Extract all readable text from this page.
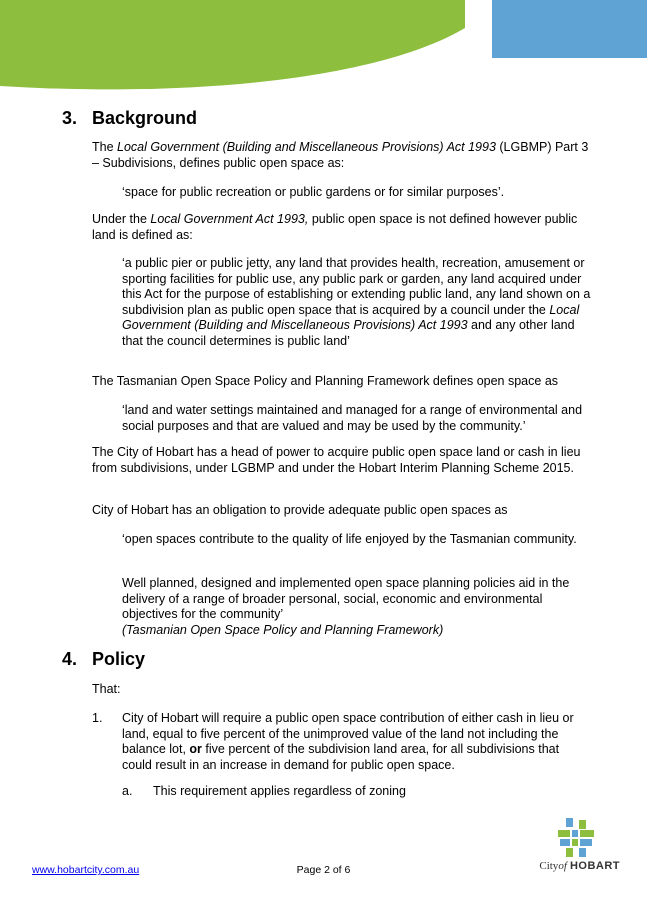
3. Background

The Local Government (Building and Miscellaneous Provisions) Act 1993 (LGBMP) Part 3 – Subdivisions, defines public open space as:

‘space for public recreation or public gardens or for similar purposes’.

Under the Local Government Act 1993, public open space is not defined however public land is defined as:

‘a public pier or public jetty, any land that provides health, recreation, amusement or sporting facilities for public use, any public park or garden, any land acquired under this Act for the purpose of establishing or extending public land, any land shown on a subdivision plan as public open space that is acquired by a council under the Local Government (Building and Miscellaneous Provisions) Act 1993 and any other land that the council determines is public land’

The Tasmanian Open Space Policy and Planning Framework defines open space as

‘land and water settings maintained and managed for a range of environmental and social purposes and that are valued and may be used by the community.’

The City of Hobart has a head of power to acquire public open space land or cash in lieu from subdivisions, under LGBMP and under the Hobart Interim Planning Scheme 2015.

City of Hobart has an obligation to provide adequate public open spaces as

‘open spaces contribute to the quality of life enjoyed by the Tasmanian community.

Well planned, designed and implemented open space planning policies aid in the delivery of a range of broader personal, social, economic and environmental objectives for the community’
(Tasmanian Open Space Policy and Planning Framework)

4. Policy

That:

1. City of Hobart will require a public open space contribution of either cash in lieu or land, equal to five percent of the unimproved value of the land not including the balance lot, or five percent of the subdivision land area, for all subdivisions that could result in an increase in demand for public open space.

a. This requirement applies regardless of zoning

www.hobartcity.com.au	Page 2 of 6	Cityof HOBART
